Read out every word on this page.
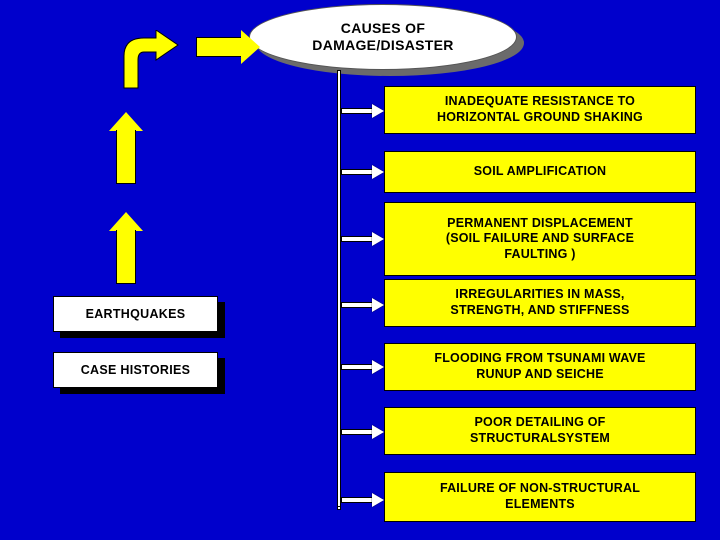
CAUSES OF
DAMAGE/DISASTER
INADEQUATE RESISTANCE TO
HORIZONTAL GROUND SHAKING
SOIL AMPLIFICATION
PERMANENT DISPLACEMENT
(SOIL FAILURE AND SURFACE
FAULTING )
IRREGULARITIES IN MASS,
STRENGTH, AND STIFFNESS
FLOODING FROM TSUNAMI WAVE
RUNUP AND SEICHE
POOR DETAILING OF
STRUCTURALSYSTEM
FAILURE OF NON-STRUCTURAL
ELEMENTS
EARTHQUAKES
CASE HISTORIES
